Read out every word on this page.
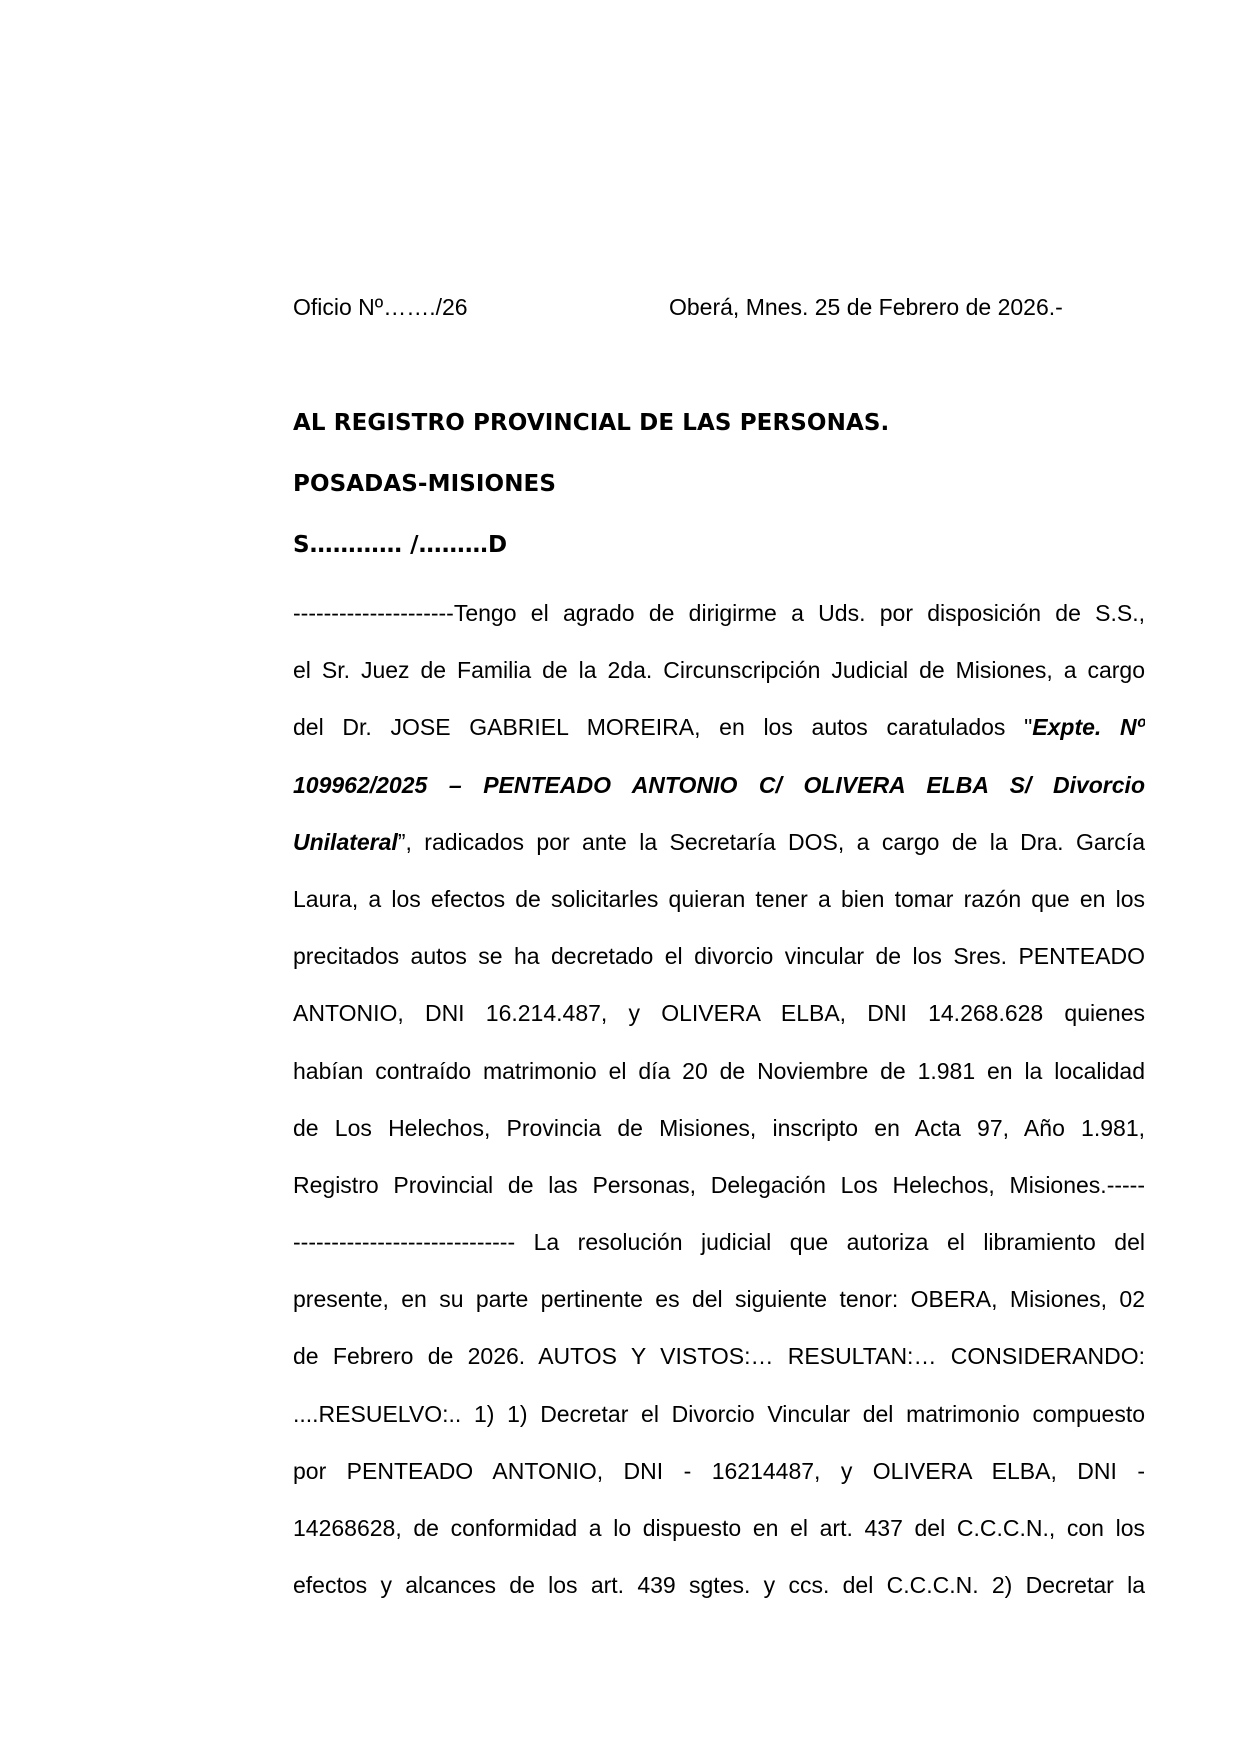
Oficio Nº……./26	Oberá, Mnes. 25 de Febrero de 2026.-
AL REGISTRO PROVINCIAL DE LAS PERSONAS.
POSADAS-MISIONES
S………… /………D
---------------------Tengo el agrado de dirigirme a Uds. por disposición de S.S.,
el Sr. Juez de Familia de la 2da. Circunscripción Judicial de Misiones, a cargo
del Dr. JOSE GABRIEL MOREIRA, en los autos caratulados "Expte. Nº
109962/2025 – PENTEADO ANTONIO C/ OLIVERA ELBA S/ Divorcio
Unilateral”, radicados por ante la Secretaría DOS, a cargo de la Dra. García
Laura, a los efectos de solicitarles quieran tener a bien tomar razón que en los
precitados autos se ha decretado el divorcio vincular de los Sres. PENTEADO
ANTONIO, DNI 16.214.487, y OLIVERA ELBA, DNI 14.268.628 quienes
habían contraído matrimonio el día 20 de Noviembre de 1.981 en la localidad
de Los Helechos, Provincia de Misiones, inscripto en Acta 97, Año 1.981,
Registro Provincial de las Personas, Delegación Los Helechos, Misiones.-----
----------------------------- La resolución judicial que autoriza el libramiento del
presente, en su parte pertinente es del siguiente tenor: OBERA, Misiones, 02
de Febrero de 2026. AUTOS Y VISTOS:… RESULTAN:… CONSIDERANDO:
....RESUELVO:.. 1) 1) Decretar el Divorcio Vincular del matrimonio compuesto
por PENTEADO ANTONIO, DNI - 16214487, y OLIVERA ELBA, DNI -
14268628, de conformidad a lo dispuesto en el art. 437 del C.C.C.N., con los
efectos y alcances de los art. 439 sgtes. y ccs. del C.C.C.N. 2) Decretar la
